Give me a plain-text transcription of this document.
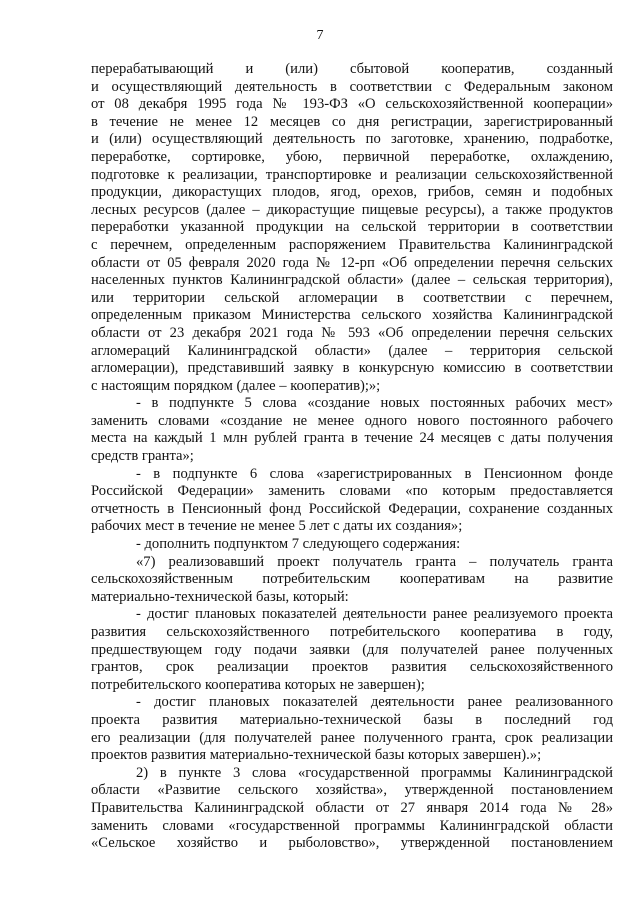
7
перерабатывающий и (или) сбытовой кооператив, созданный
и осуществляющий деятельность в соответствии с Федеральным законом
от 08 декабря 1995 года № 193-ФЗ «О сельскохозяйственной кооперации»
в течение не менее 12 месяцев со дня регистрации, зарегистрированный
и (или) осуществляющий деятельность по заготовке, хранению, подработке,
переработке, сортировке, убою, первичной переработке, охлаждению,
подготовке к реализации, транспортировке и реализации сельскохозяйственной
продукции, дикорастущих плодов, ягод, орехов, грибов, семян и подобных
лесных ресурсов (далее – дикорастущие пищевые ресурсы), а также продуктов
переработки указанной продукции на сельской территории в соответствии
с перечнем, определенным распоряжением Правительства Калининградской
области от 05 февраля 2020 года № 12-рп «Об определении перечня сельских
населенных пунктов Калининградской области» (далее – сельская территория),
или территории сельской агломерации в соответствии с перечнем,
определенным приказом Министерства сельского хозяйства Калининградской
области от 23 декабря 2021 года № 593 «Об определении перечня сельских
агломераций Калининградской области» (далее – территория сельской
агломерации), представивший заявку в конкурсную комиссию в соответствии
с настоящим порядком (далее – кооператив);»;
- в подпункте 5 слова «создание новых постоянных рабочих мест»
заменить словами «создание не менее одного нового постоянного рабочего
места на каждый 1 млн рублей гранта в течение 24 месяцев с даты получения
средств гранта»;
- в подпункте 6 слова «зарегистрированных в Пенсионном фонде
Российской Федерации» заменить словами «по которым предоставляется
отчетность в Пенсионный фонд Российской Федерации, сохранение созданных
рабочих мест в течение не менее 5 лет с даты их создания»;
- дополнить подпунктом 7 следующего содержания:
«7) реализовавший проект получатель гранта – получатель гранта
сельскохозяйственным потребительским кооперативам на развитие
материально-технической базы, который:
- достиг плановых показателей деятельности ранее реализуемого проекта
развития сельскохозяйственного потребительского кооператива в году,
предшествующем году подачи заявки (для получателей ранее полученных
грантов, срок реализации проектов развития сельскохозяйственного
потребительского кооператива которых не завершен);
- достиг плановых показателей деятельности ранее реализованного
проекта развития материально-технической базы в последний год
его реализации (для получателей ранее полученного гранта, срок реализации
проектов развития материально-технической базы которых завершен).»;
2) в пункте 3 слова «государственной программы Калининградской
области «Развитие сельского хозяйства», утвержденной постановлением
Правительства Калининградской области от 27 января 2014 года № 28»
заменить словами «государственной программы Калининградской области
«Сельское хозяйство и рыболовство», утвержденной постановлением
